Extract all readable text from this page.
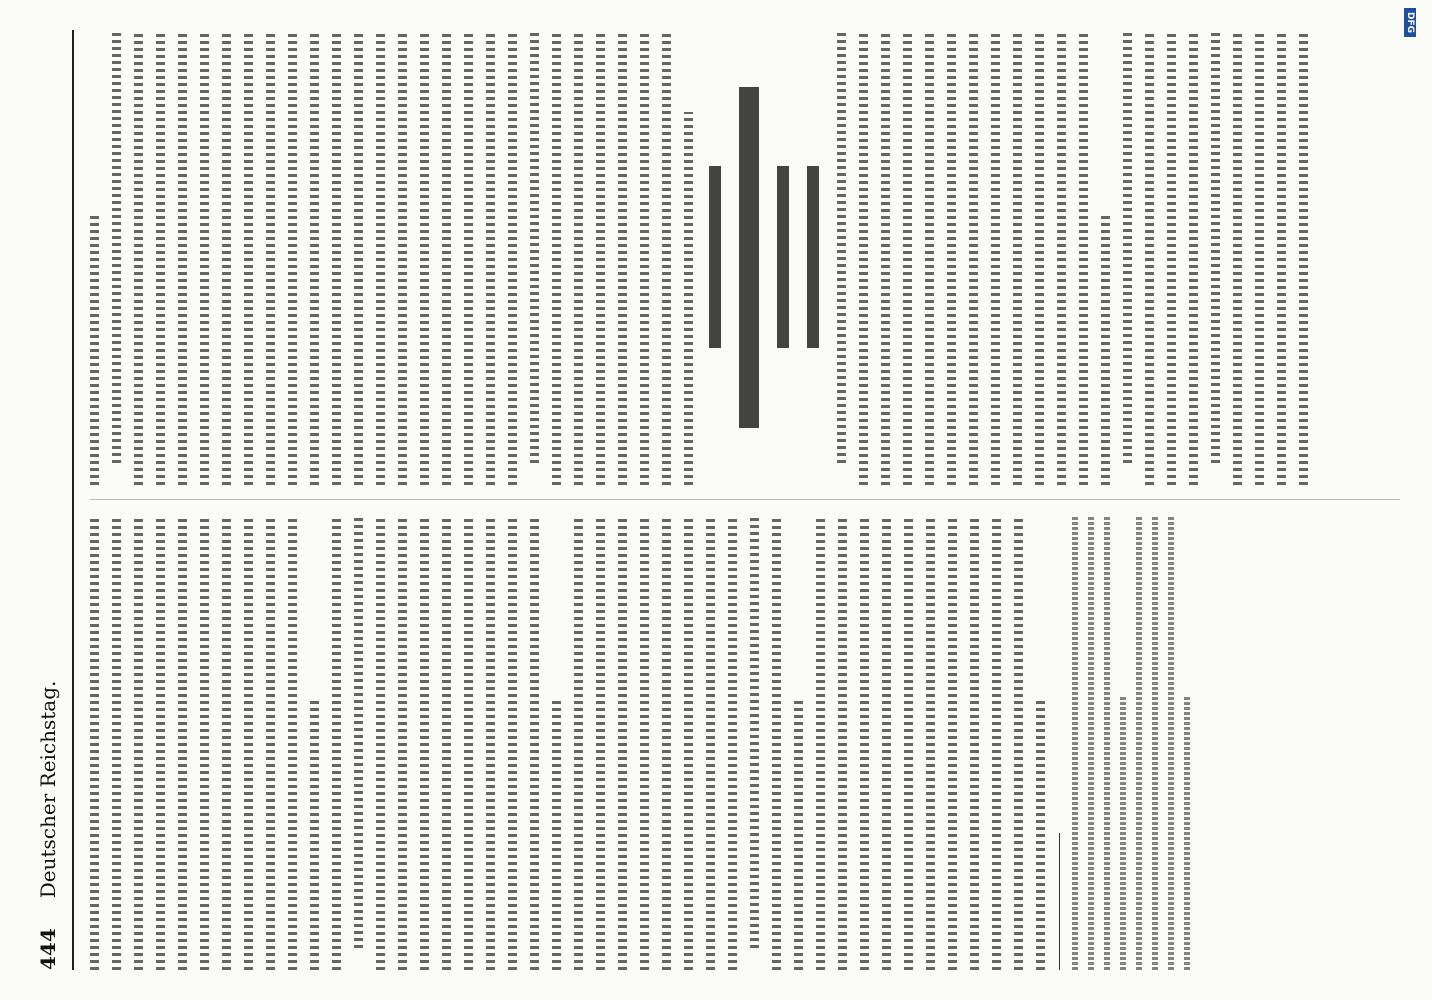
444
Deutscher Reichstag.
DFG
